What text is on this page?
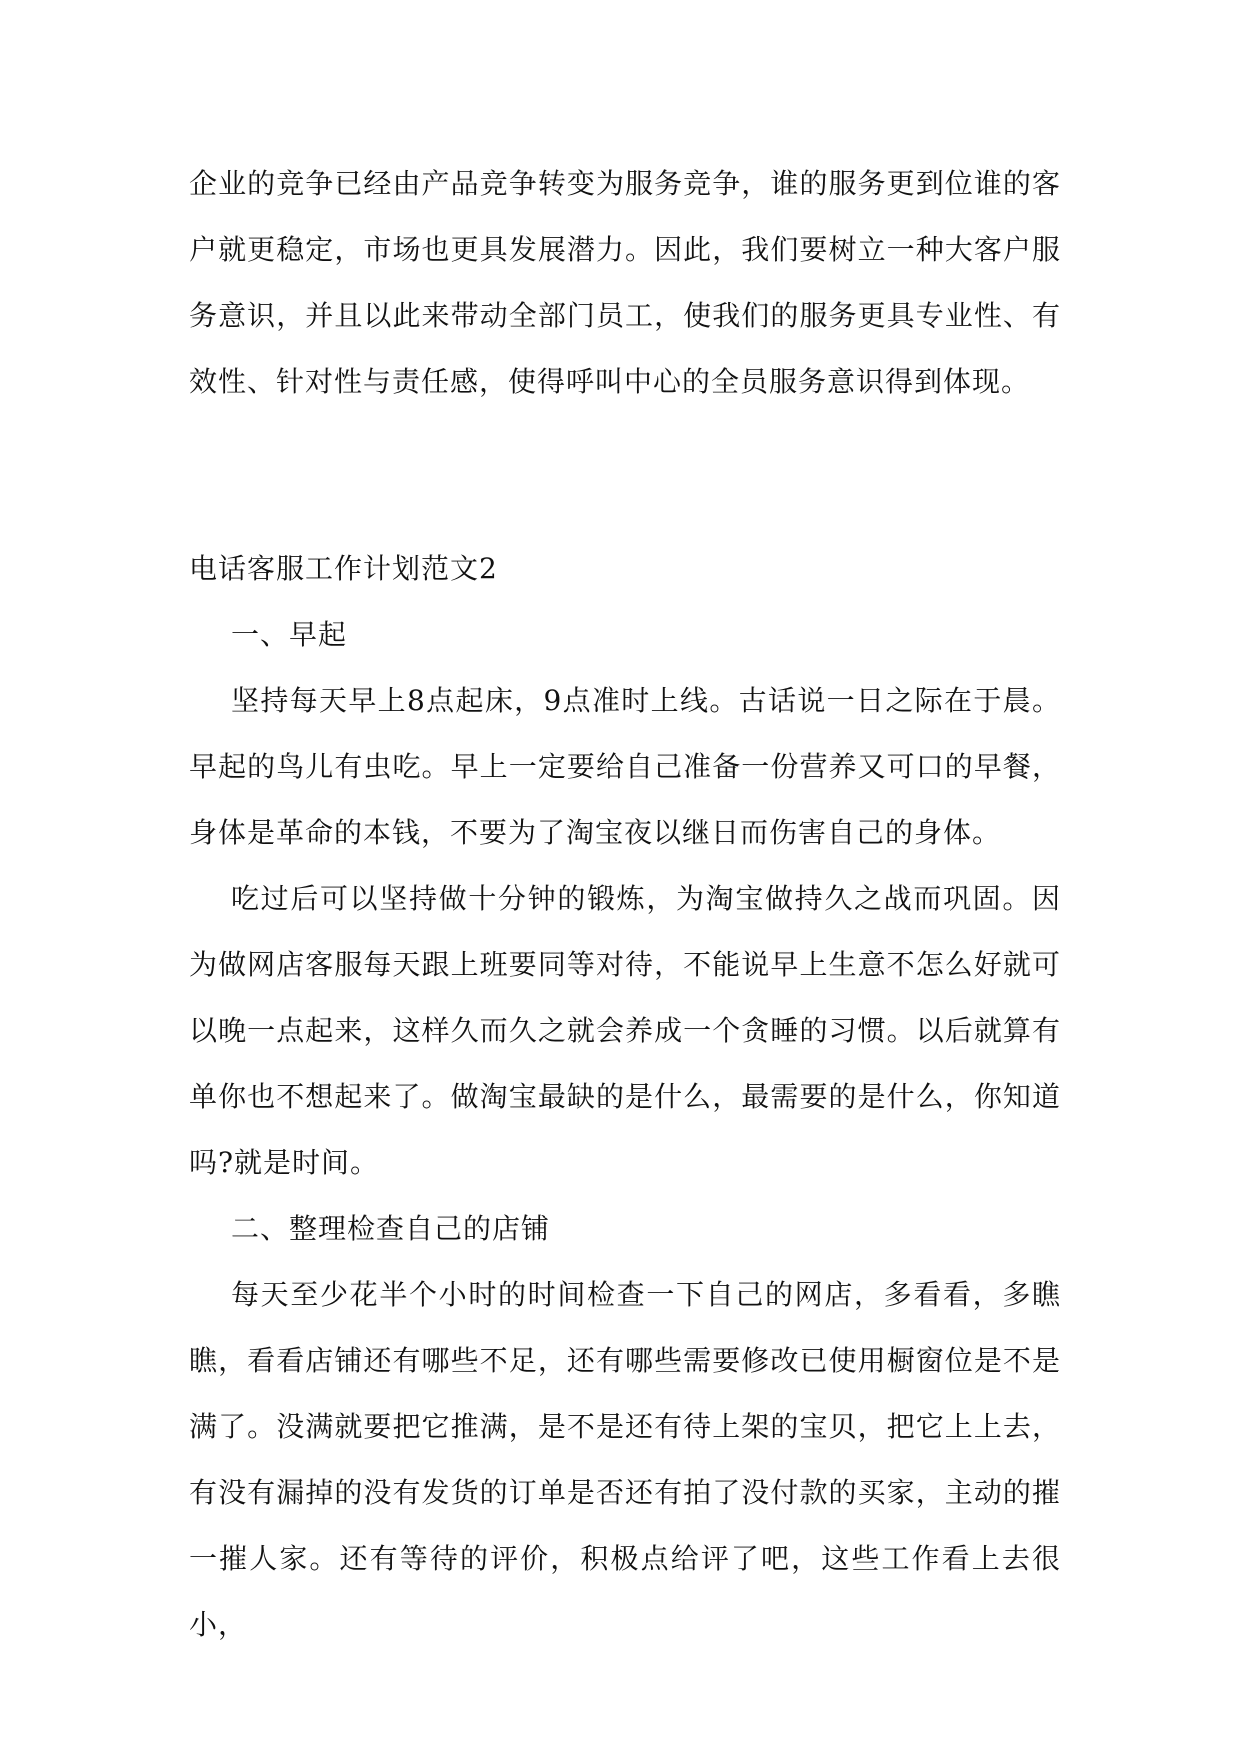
企业的竞争已经由产品竞争转变为服务竞争，谁的服务更到位谁的客户就更稳定，市场也更具发展潜力。因此，我们要树立一种大客户服务意识，并且以此来带动全部门员工，使我们的服务更具专业性、有效性、针对性与责任感，使得呼叫中心的全员服务意识得到体现。

电话客服工作计划范文2

一、早起

坚持每天早上8点起床，9点准时上线。古话说一日之际在于晨。早起的鸟儿有虫吃。早上一定要给自己准备一份营养又可口的早餐，身体是革命的本钱，不要为了淘宝夜以继日而伤害自己的身体。

吃过后可以坚持做十分钟的锻炼，为淘宝做持久之战而巩固。因为做网店客服每天跟上班要同等对待，不能说早上生意不怎么好就可以晚一点起来，这样久而久之就会养成一个贪睡的习惯。以后就算有单你也不想起来了。做淘宝最缺的是什么，最需要的是什么，你知道吗?就是时间。

二、整理检查自己的店铺

每天至少花半个小时的时间检查一下自己的网店，多看看，多瞧瞧，看看店铺还有哪些不足，还有哪些需要修改已使用橱窗位是不是满了。没满就要把它推满，是不是还有待上架的宝贝，把它上上去，有没有漏掉的没有发货的订单是否还有拍了没付款的买家，主动的摧一摧人家。还有等待的评价，积极点给评了吧，这些工作看上去很小，
